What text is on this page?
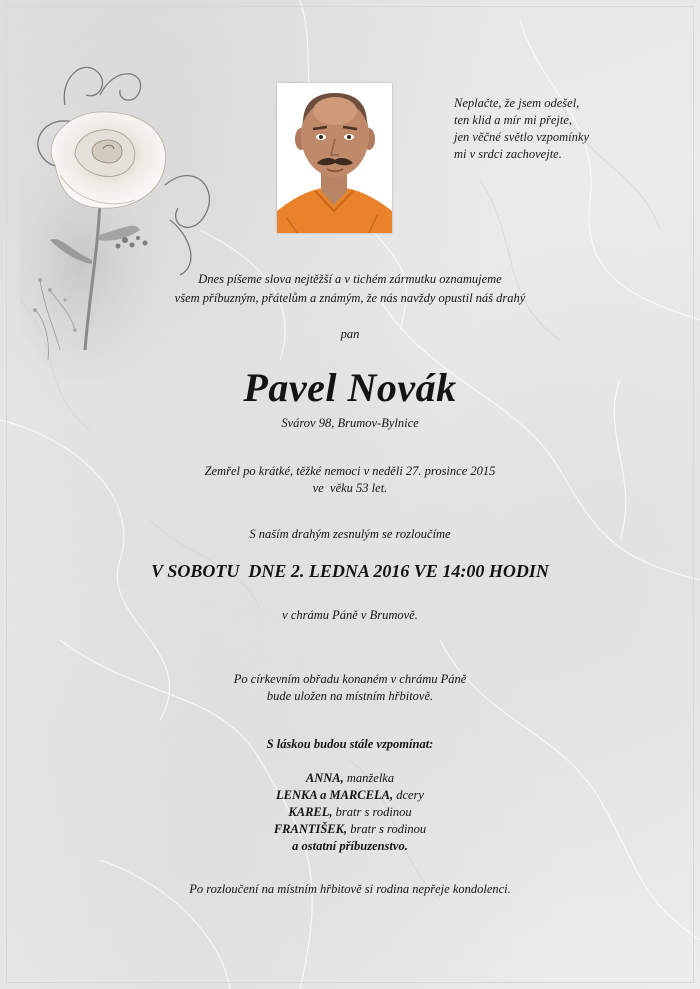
Neplačte, že jsem odešel,
ten klid a mír mi přejte,
jen věčné světlo vzpomínky
mi v srdci zachovejte.
Dnes píšeme slova nejtěžší a v tichém zármutku oznamujeme
všem příbuzným, přátelům a známým, že nás navždy opustil náš drahý
pan
Pavel Novák
Svárov 98, Brumov-Bylnice
Zemřel po krátké, těžké nemoci v neděli 27. prosince 2015
ve  věku 53 let.
S naším drahým zesnulým se rozloučíme
V SOBOTU  DNE 2. LEDNA 2016 VE 14:00 HODIN
v chrámu Páně v Brumově.
Po církevním obřadu konaném v chrámu Páně
bude uložen na místním hřbitově.
S láskou budou stále vzpomínat:
ANNA, manželka
LENKA a MARCELA, dcery
KAREL, bratr s rodinou
FRANTIŠEK, bratr s rodinou
a ostatní příbuzenstvo.
Po rozloučení na místním hřbitově si rodina nepřeje kondolenci.
